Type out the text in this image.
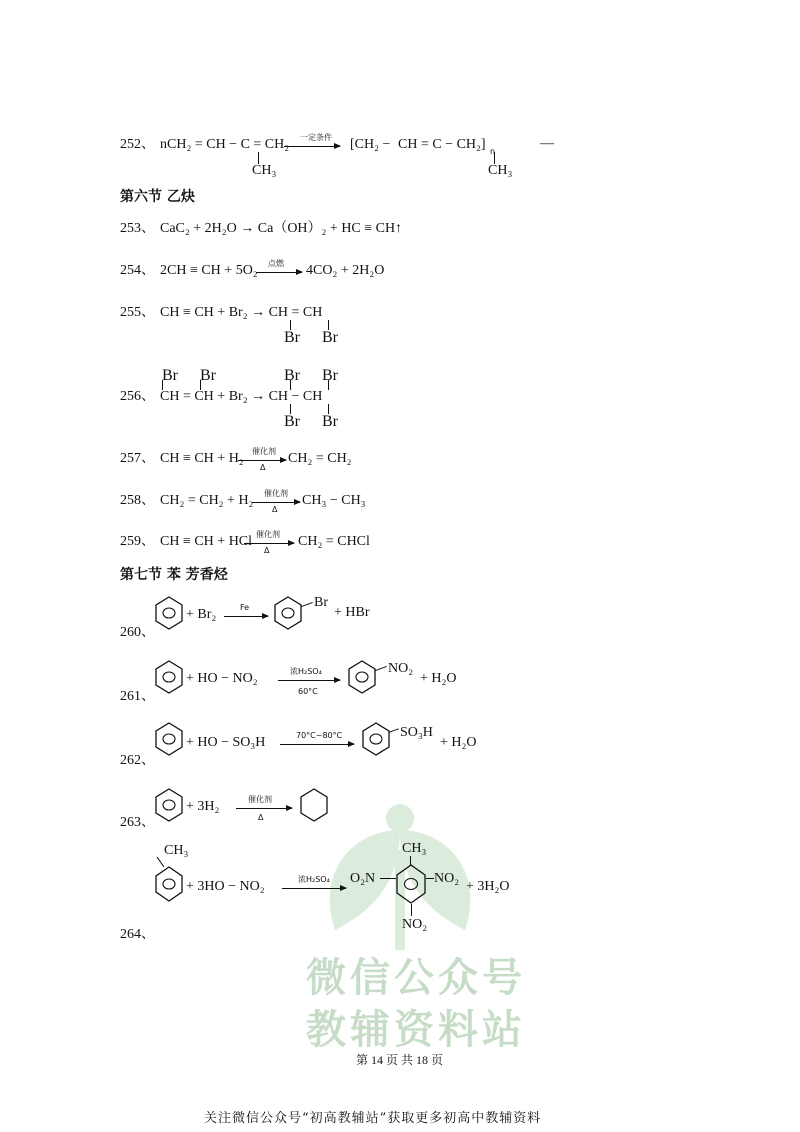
微信公众号
教辅资料站
252、 nCH₂ = CH − C = CH₂
CH₃
一定条件 [CH₂ − CH = C − CH₂] n
CH₃
—
第六节 乙炔
253、 CaC₂ + 2H₂O → Ca（OH）₂ + HC ≡ CH↑
254、 2CH ≡ CH + 5O₂ 点燃 4CO₂ + 2H₂O
255、 CH ≡ CH + Br₂ → CH = CH
Br Br
Br Br	Br Br
256、 CH = CH + Br₂ → CH − CH
Br Br
257、 CH ≡ CH + H₂ 催化剂
Δ
CH₂ = CH₂
258、 CH₂ = CH₂ + H₂ 催化剂
Δ
CH₃ − CH₃
259、 CH ≡ CH + HCl 催化剂
Δ
CH₂ = CHCl
第七节 苯 芳香烃
+ Br₂	Fe	Br
+ HBr
260、
+ HO − NO₂	浓H₂SO₄
60°C
NO₂
+ H₂O
261、
+ HO − SO₃H	70°C~80°C	SO₃H
+ H₂O
262、
+ 3H₂	催化剂
Δ
263、
CH₃
+ 3HO − NO₂	浓H₂SO₄ O₂N
CH₃
NO₂
+ 3H₂O
NO₂
264、
第 14 页 共 18 页
关注微信公众号“初高教辅站”获取更多初高中教辅资料
